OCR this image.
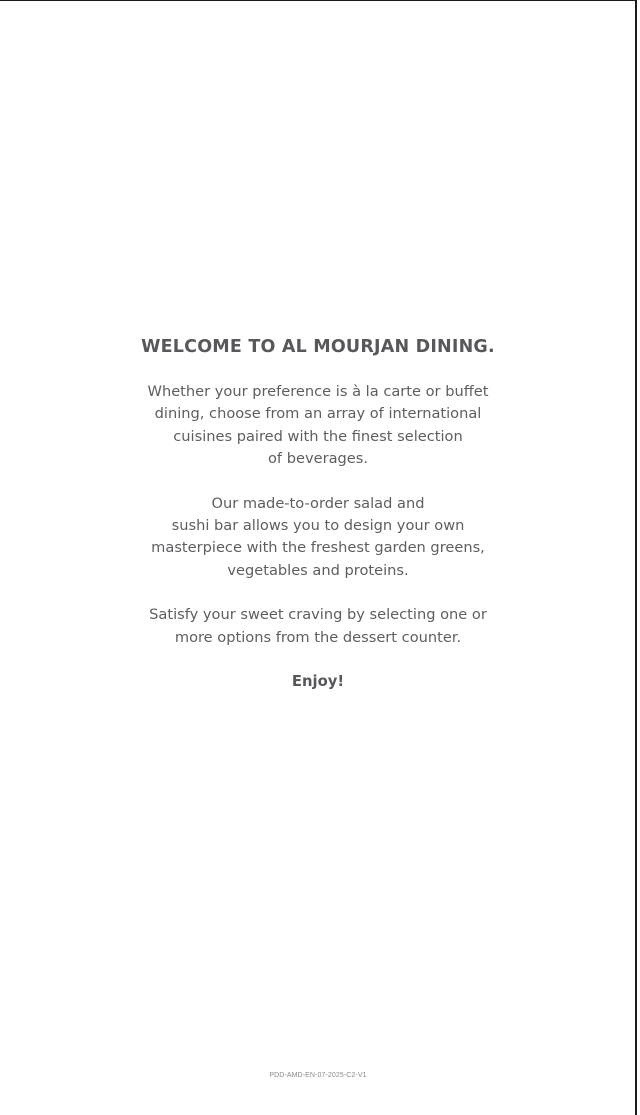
WELCOME TO AL MOURJAN DINING.

Whether your preference is à la carte or buffet
dining, choose from an array of international
cuisines paired with the finest selection
of beverages.

Our made-to-order salad and
sushi bar allows you to design your own
masterpiece with the freshest garden greens,
vegetables and proteins.

Satisfy your sweet craving by selecting one or
more options from the dessert counter.

Enjoy!

PDD-AMD-EN-07-2025-C2-V1
